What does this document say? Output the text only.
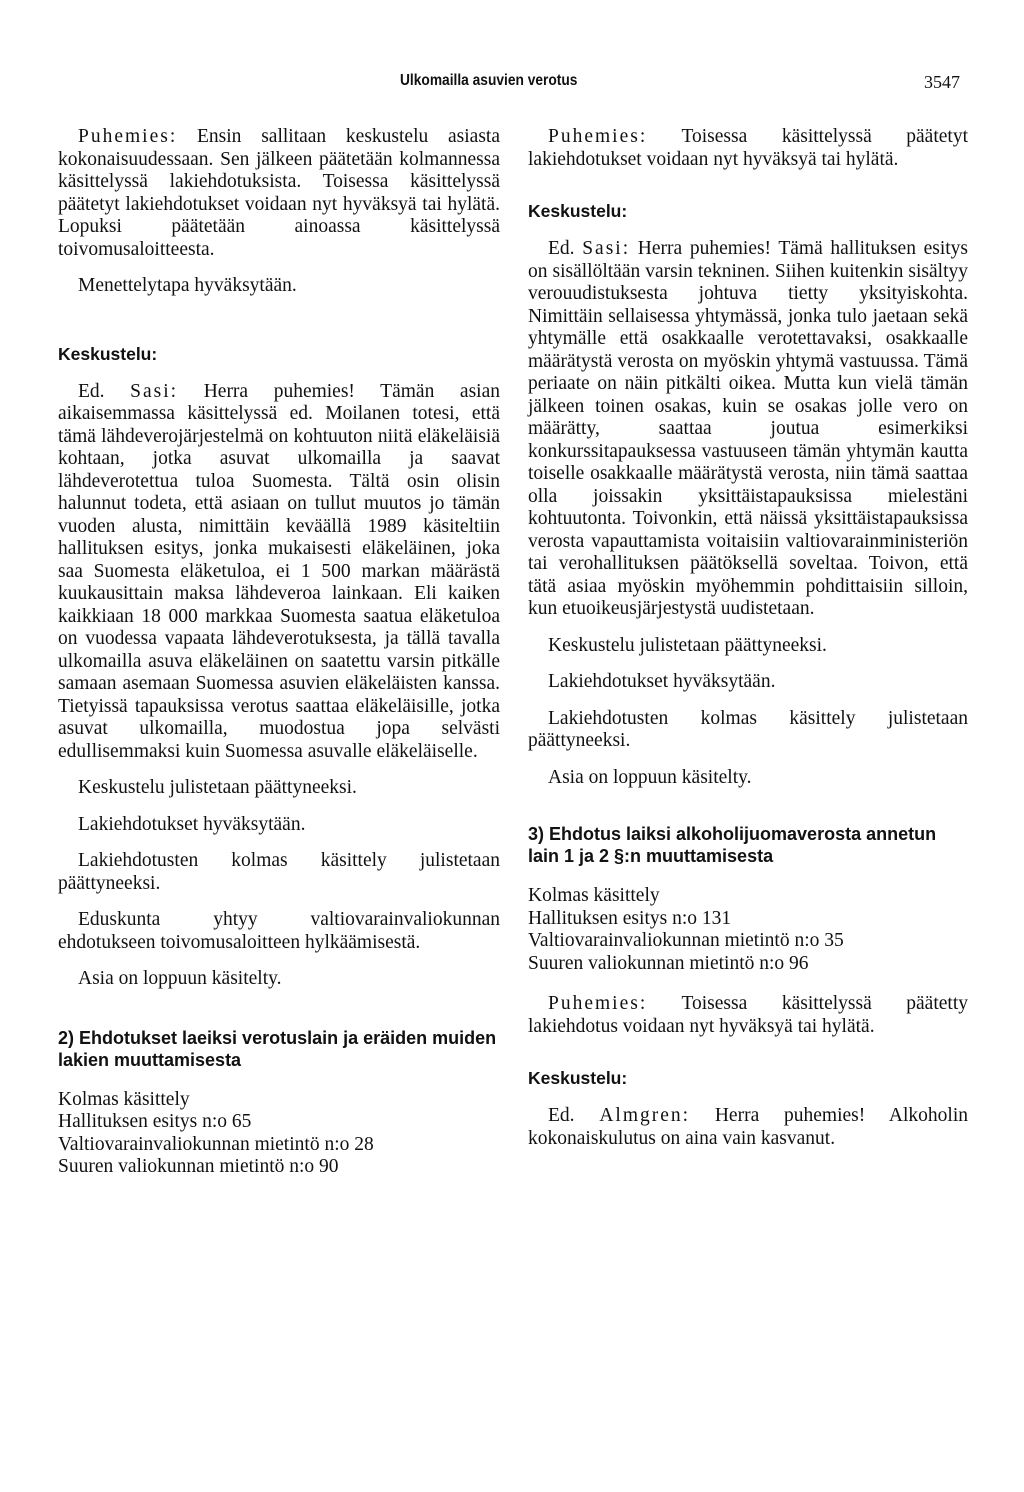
Ulkomailla asuvien verotus	3547

Puhemies: Ensin sallitaan keskustelu asiasta kokonaisuudessaan. Sen jälkeen päätetään kolmannessa käsittelyssä lakiehdotuksista. Toisessa käsittelyssä päätetyt lakiehdotukset voidaan nyt hyväksyä tai hylätä. Lopuksi päätetään ainoassa käsittelyssä toivomusaloitteesta.

Menettelytapa hyväksytään.

Keskustelu:

Ed. Sasi: Herra puhemies! Tämän asian aikaisemmassa käsittelyssä ed. Moilanen totesi, että tämä lähdeverojärjestelmä on kohtuuton niitä eläkeläisiä kohtaan, jotka asuvat ulkomailla ja saavat lähdeverotettua tuloa Suomesta. Tältä osin olisin halunnut todeta, että asiaan on tullut muutos jo tämän vuoden alusta, nimittäin keväällä 1989 käsiteltiin hallituksen esitys, jonka mukaisesti eläkeläinen, joka saa Suomesta eläketuloa, ei 1 500 markan määrästä kuukausittain maksa lähdeveroa lainkaan. Eli kaiken kaikkiaan 18 000 markkaa Suomesta saatua eläketuloa on vuodessa vapaata lähdeverotuksesta, ja tällä tavalla ulkomailla asuva eläkeläinen on saatettu varsin pitkälle samaan asemaan Suomessa asuvien eläkeläisten kanssa. Tietyissä tapauksissa verotus saattaa eläkeläisille, jotka asuvat ulkomailla, muodostua jopa selvästi edullisemmaksi kuin Suomessa asuvalle eläkeläiselle.

Keskustelu julistetaan päättyneeksi.

Lakiehdotukset hyväksytään.

Lakiehdotusten kolmas käsittely julistetaan päättyneeksi.

Eduskunta yhtyy valtiovarainvaliokunnan ehdotukseen toivomusaloitteen hylkäämisestä.

Asia on loppuun käsitelty.

2) Ehdotukset laeiksi verotuslain ja eräiden muiden lakien muuttamisesta
Kolmas käsittely
Hallituksen esitys n:o 65
Valtiovarainvaliokunnan mietintö n:o 28
Suuren valiokunnan mietintö n:o 90

Puhemies: Toisessa käsittelyssä päätetyt lakiehdotukset voidaan nyt hyväksyä tai hylätä.

Keskustelu:

Ed. Sasi: Herra puhemies! Tämä hallituksen esitys on sisällöltään varsin tekninen. Siihen kuitenkin sisältyy verouudistuksesta johtuva tietty yksityiskohta. Nimittäin sellaisessa yhtymässä, jonka tulo jaetaan sekä yhtymälle että osakkaalle verotettavaksi, osakkaalle määrätystä verosta on myöskin yhtymä vastuussa. Tämä periaate on näin pitkälti oikea. Mutta kun vielä tämän jälkeen toinen osakas, kuin se osakas jolle vero on määrätty, saattaa joutua esimerkiksi konkurssitapauksessa vastuuseen tämän yhtymän kautta toiselle osakkaalle määrätystä verosta, niin tämä saattaa olla joissakin yksittäistapauksissa mielestäni kohtuutonta. Toivonkin, että näissä yksittäistapauksissa verosta vapauttamista voitaisiin valtiovarainministeriön tai verohallituksen päätöksellä soveltaa. Toivon, että tätä asiaa myöskin myöhemmin pohdittaisiin silloin, kun etuoikeusjärjestystä uudistetaan.

Keskustelu julistetaan päättyneeksi.

Lakiehdotukset hyväksytään.

Lakiehdotusten kolmas käsittely julistetaan päättyneeksi.

Asia on loppuun käsitelty.

3) Ehdotus laiksi alkoholijuomaverosta annetun lain 1 ja 2 §:n muuttamisesta
Kolmas käsittely
Hallituksen esitys n:o 131
Valtiovarainvaliokunnan mietintö n:o 35
Suuren valiokunnan mietintö n:o 96

Puhemies: Toisessa käsittelyssä päätetty lakiehdotus voidaan nyt hyväksyä tai hylätä.

Keskustelu:

Ed. Almgren: Herra puhemies! Alkoholin kokonaiskulutus on aina vain kasvanut.
